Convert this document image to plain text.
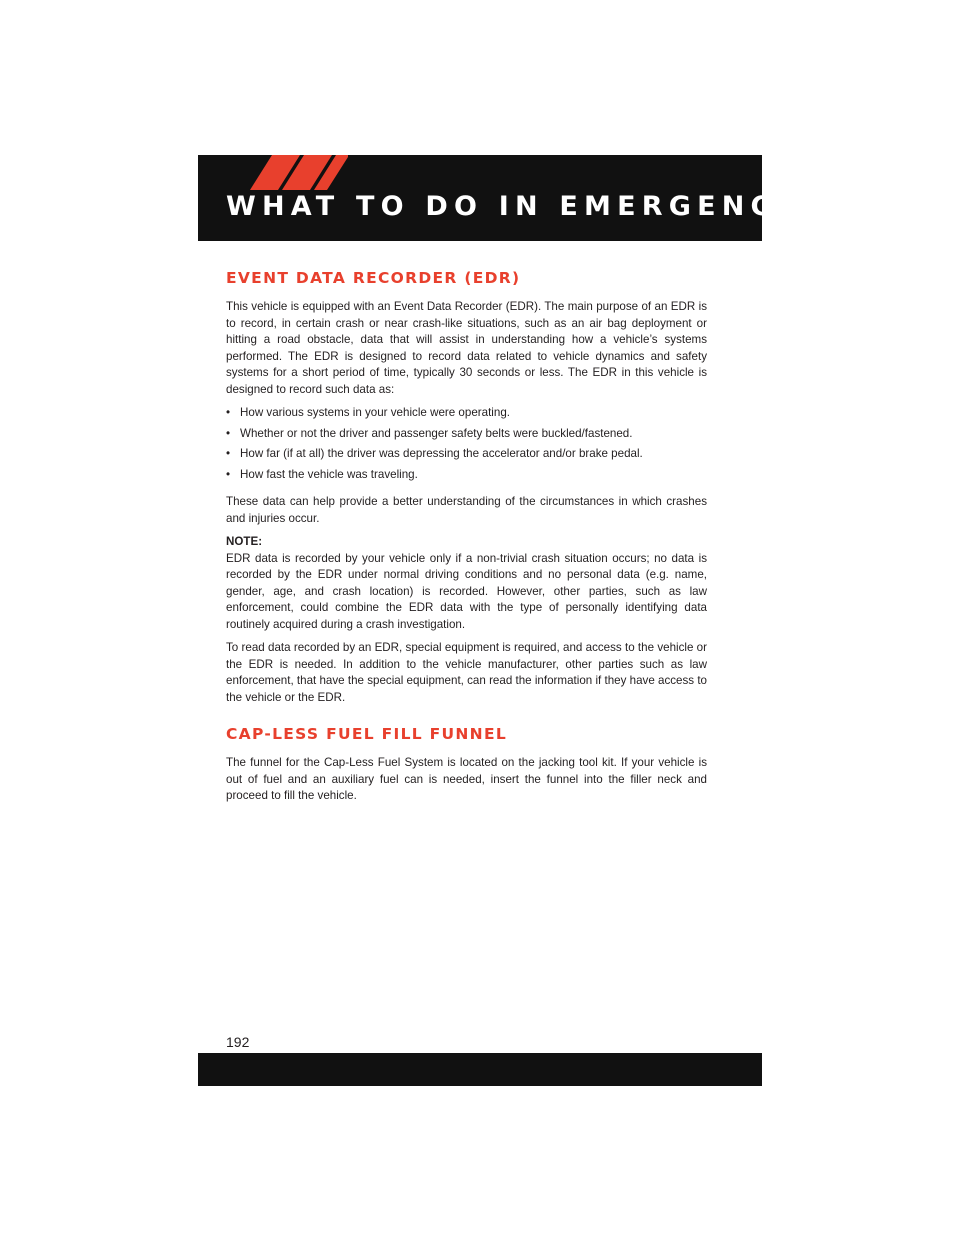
WHAT TO DO IN EMERGENCIES
EVENT DATA RECORDER (EDR)

This vehicle is equipped with an Event Data Recorder (EDR). The main purpose of an EDR is to record, in certain crash or near crash-like situations, such as an air bag deployment or hitting a road obstacle, data that will assist in understanding how a vehicle’s systems performed. The EDR is designed to record data related to vehicle dynamics and safety systems for a short period of time, typically 30 seconds or less. The EDR in this vehicle is designed to record such data as:

• How various systems in your vehicle were operating.
• Whether or not the driver and passenger safety belts were buckled/fastened.
• How far (if at all) the driver was depressing the accelerator and/or brake pedal.
• How fast the vehicle was traveling.

These data can help provide a better understanding of the circumstances in which crashes and injuries occur.

NOTE:

EDR data is recorded by your vehicle only if a non-trivial crash situation occurs; no data is recorded by the EDR under normal driving conditions and no personal data (e.g. name, gender, age, and crash location) is recorded. However, other parties, such as law enforcement, could combine the EDR data with the type of personally identifying data routinely acquired during a crash investigation.

To read data recorded by an EDR, special equipment is required, and access to the vehicle or the EDR is needed. In addition to the vehicle manufacturer, other parties such as law enforcement, that have the special equipment, can read the information if they have access to the vehicle or the EDR.

CAP-LESS FUEL FILL FUNNEL

The funnel for the Cap-Less Fuel System is located on the jacking tool kit. If your vehicle is out of fuel and an auxiliary fuel can is needed, insert the funnel into the filler neck and proceed to fill the vehicle.

192
